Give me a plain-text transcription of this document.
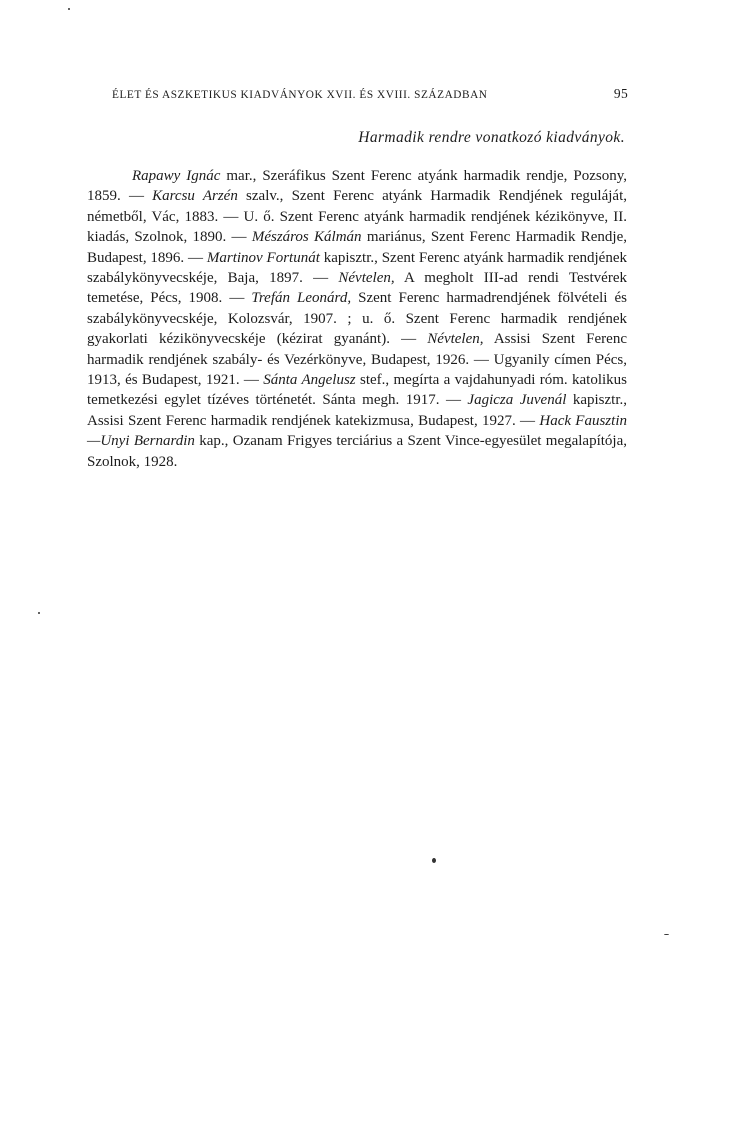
ÉLET ÉS ASZKETIKUS KIADVÁNYOK XVII. ÉS XVIII. SZÁZADBAN	95
Harmadik rendre vonatkozó kiadványok.

Rapawy Ignác mar., Szeráfikus Szent Ferenc atyánk harmadik rendje, Pozsony, 1859. — Karcsu Arzén szalv., Szent Ferenc atyánk Harmadik Rendjének reguláját, németből, Vác, 1883. — U. ő. Szent Ferenc atyánk harmadik rendjének kézikönyve, II. kiadás, Szolnok, 1890. — Mészáros Kálmán mariánus, Szent Ferenc Harmadik Rendje, Budapest, 1896. — Martinov Fortunát kapisztr., Szent Ferenc atyánk harmadik rendjének szabálykönyvecskéje, Baja, 1897. — Névtelen, A megholt III-ad rendi Testvérek temetése, Pécs, 1908. — Trefán Leonárd, Szent Ferenc harmadrendjének fölvételi és szabálykönyvecskéje, Kolozsvár, 1907. ; u. ő. Szent Ferenc harmadik rendjének gyakorlati kézikönyvecskéje (kézirat gyanánt). — Névtelen, Assisi Szent Ferenc harmadik rendjének szabály- és Vezérkönyve, Budapest, 1926. — Ugyanily címen Pécs, 1913, és Budapest, 1921. — Sánta Angelusz stef., megírta a vajdahunyadi róm. katolikus temetkezési egylet tízéves történetét. Sánta megh. 1917. — Jagicza Juvenál kapisztr., Assisi Szent Ferenc harmadik rendjének katekizmusa, Budapest, 1927. — Hack Fausztin—Unyi Bernardin kap., Ozanam Frigyes terciárius a Szent Vince-egyesület megalapítója, Szolnok, 1928.
